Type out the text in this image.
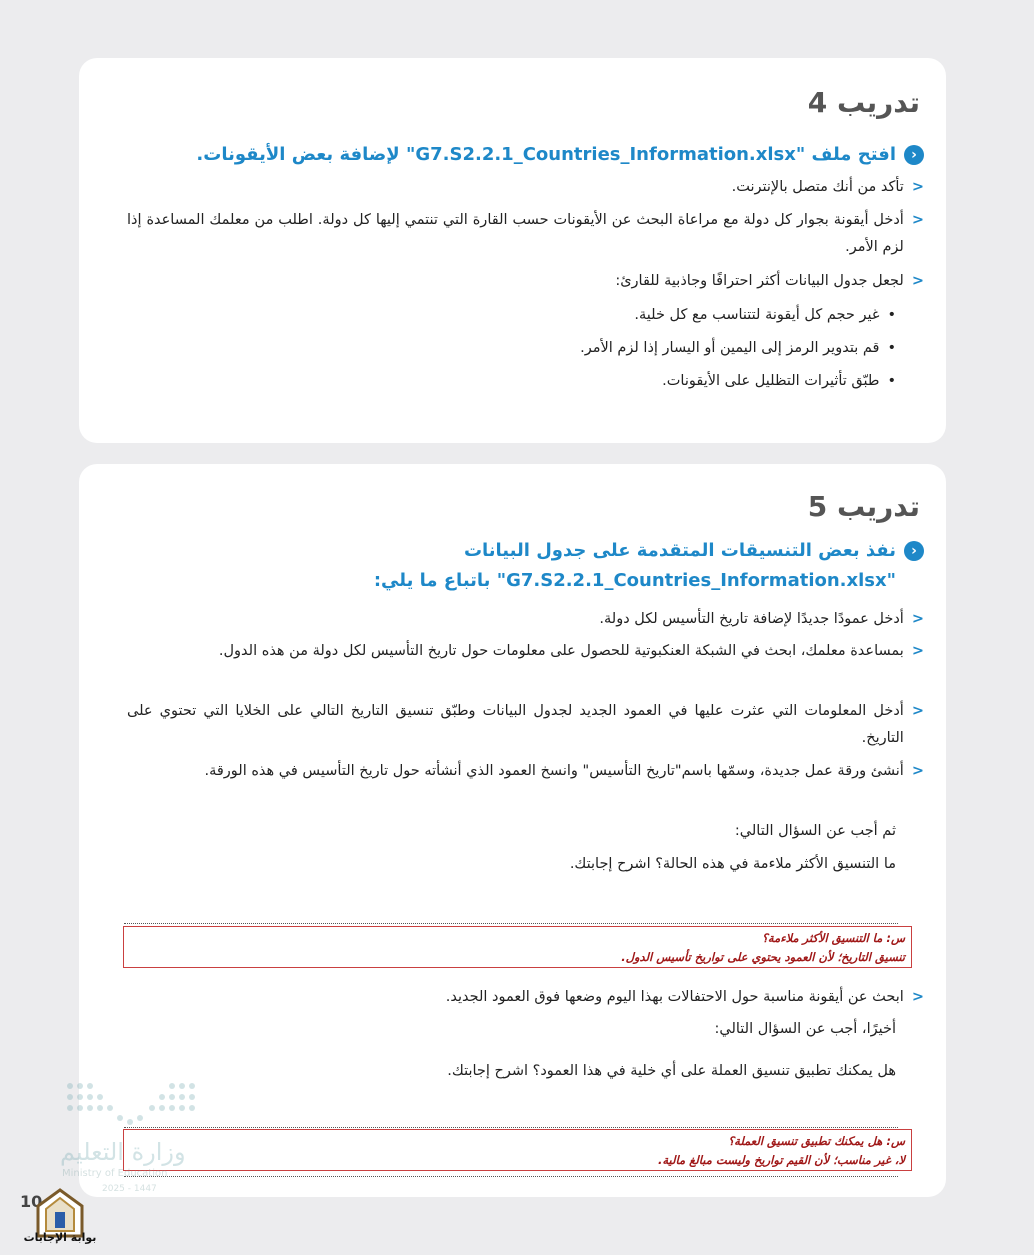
تدريب 4
‹
افتح ملف "G7.S2.2.1_Countries_Information.xlsx" لإضافة بعض الأيقونات.
<
تأكد من أنك متصل بالإنترنت.
<
أدخل أيقونة بجوار كل دولة مع مراعاة البحث عن الأيقونات حسب القارة التي تنتمي إليها كل دولة. اطلب من معلمك المساعدة إذا لزم الأمر.
<
لجعل جدول البيانات أكثر احترافًا وجاذبية للقارئ:
•
غير حجم كل أيقونة لتتناسب مع كل خلية.
•
قم بتدوير الرمز إلى اليمين أو اليسار إذا لزم الأمر.
•
طبّق تأثيرات التظليل على الأيقونات.
تدريب 5
‹
نفذ بعض التنسيقات المتقدمة على جدول البيانات
"G7.S2.2.1_Countries_Information.xlsx" باتباع ما يلي:
<
أدخل عمودًا جديدًا لإضافة تاريخ التأسيس لكل دولة.
<
بمساعدة معلمك، ابحث في الشبكة العنكبوتية للحصول على معلومات حول تاريخ التأسيس لكل دولة من هذه الدول.
<
أدخل المعلومات التي عثرت عليها في العمود الجديد لجدول البيانات وطبّق تنسيق التاريخ التالي على الخلايا التي تحتوي على التاريخ.
<
أنشئ ورقة عمل جديدة، وسمّها باسم"تاريخ التأسيس" وانسخ العمود الذي أنشأته حول تاريخ التأسيس في هذه الورقة.
ثم أجب عن السؤال التالي:
ما التنسيق الأكثر ملاءمة في هذه الحالة؟ اشرح إجابتك.
س: ما التنسيق الأكثر ملاءمة؟
تنسيق التاريخ؛ لأن العمود يحتوي على تواريخ تأسيس الدول.
<
ابحث عن أيقونة مناسبة حول الاحتفالات بهذا اليوم وضعها فوق العمود الجديد.
أخيرًا، أجب عن السؤال التالي:
هل يمكنك تطبيق تنسيق العملة على أي خلية في هذا العمود؟ اشرح إجابتك.
س: هل يمكنك تطبيق تنسيق العملة؟
لا، غير مناسب؛ لأن القيم تواريخ وليست مبالغ مالية.
وزارة التعليم
Ministry of Education
2025 - 1447
10
بوابة الإجابات
